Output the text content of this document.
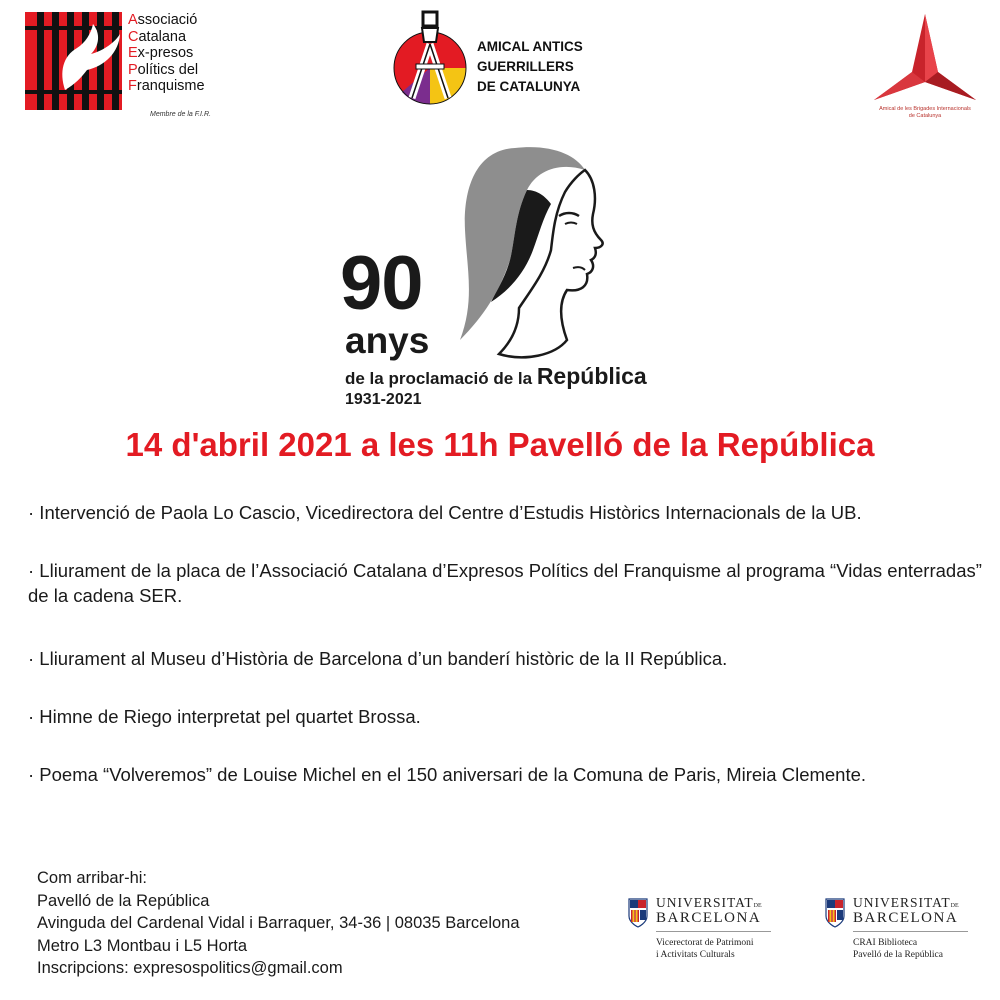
Associació
Catalana
Ex-presos
Polítics del
Franquisme
Membre de la F.I.R.
AMICAL ANTICS
GUERRILLERS
DE CATALUNYA
Amical de les Brigades Internacionals
de Catalunya
90
anys
de la proclamació de la República
1931-2021
14 d'abril 2021 a les 11h Pavelló de la República
· Intervenció de Paola Lo Cascio, Vicedirectora del Centre d’Estudis Històrics Internacionals de la UB.
· Lliurament de la placa de l’Associació Catalana d’Expresos Polítics del Franquisme al programa “Vidas enterradas” de la cadena SER.
· Lliurament al Museu d’Història de Barcelona d’un banderí històric de la II República.
· Himne de Riego interpretat pel quartet Brossa.
· Poema “Volveremos” de Louise Michel en el 150 aniversari de la Comuna de Paris, Mireia Clemente.
Com arribar-hi:
Pavelló de la República
Avinguda del Cardenal Vidal i Barraquer, 34-36 | 08035 Barcelona
Metro L3 Montbau i L5 Horta
Inscripcions: expresospolitics@gmail.com
UNIVERSITATDE
BARCELONA
Vicerectorat de Patrimoni
i Activitats Culturals
UNIVERSITATDE
BARCELONA
CRAI Biblioteca
Pavelló de la República
